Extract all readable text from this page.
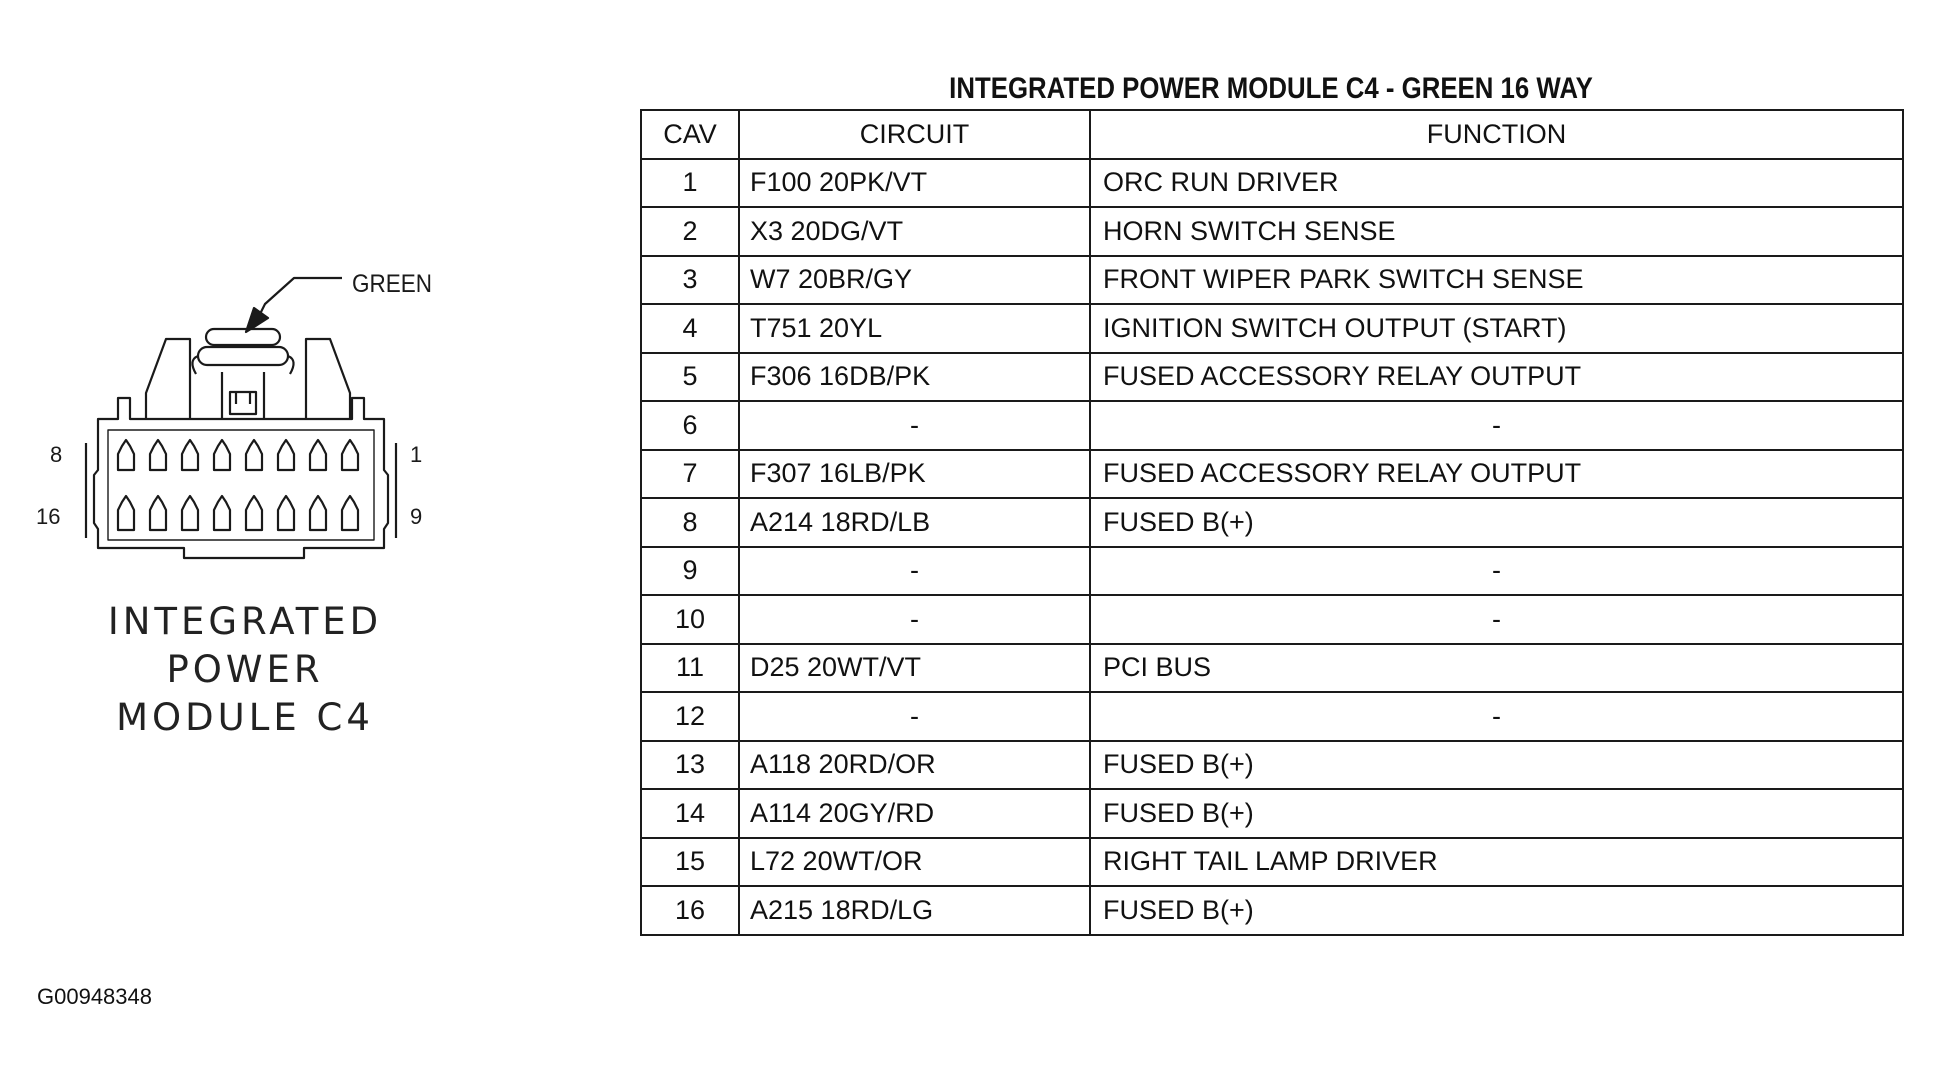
GREEN
8	1
16	9
INTEGRATED
POWER
MODULE C4
G00948348
INTEGRATED POWER MODULE C4 - GREEN 16 WAY
CAV	CIRCUIT	FUNCTION
1	F100 20PK/VT	ORC RUN DRIVER
2	X3 20DG/VT	HORN SWITCH SENSE
3	W7 20BR/GY	FRONT WIPER PARK SWITCH SENSE
4	T751 20YL	IGNITION SWITCH OUTPUT (START)
5	F306 16DB/PK	FUSED ACCESSORY RELAY OUTPUT
6	-	-
7	F307 16LB/PK	FUSED ACCESSORY RELAY OUTPUT
8	A214 18RD/LB	FUSED B(+)
9	-	-
10	-	-
11	D25 20WT/VT	PCI BUS
12	-	-
13	A118 20RD/OR	FUSED B(+)
14	A114 20GY/RD	FUSED B(+)
15	L72 20WT/OR	RIGHT TAIL LAMP DRIVER
16	A215 18RD/LG	FUSED B(+)
